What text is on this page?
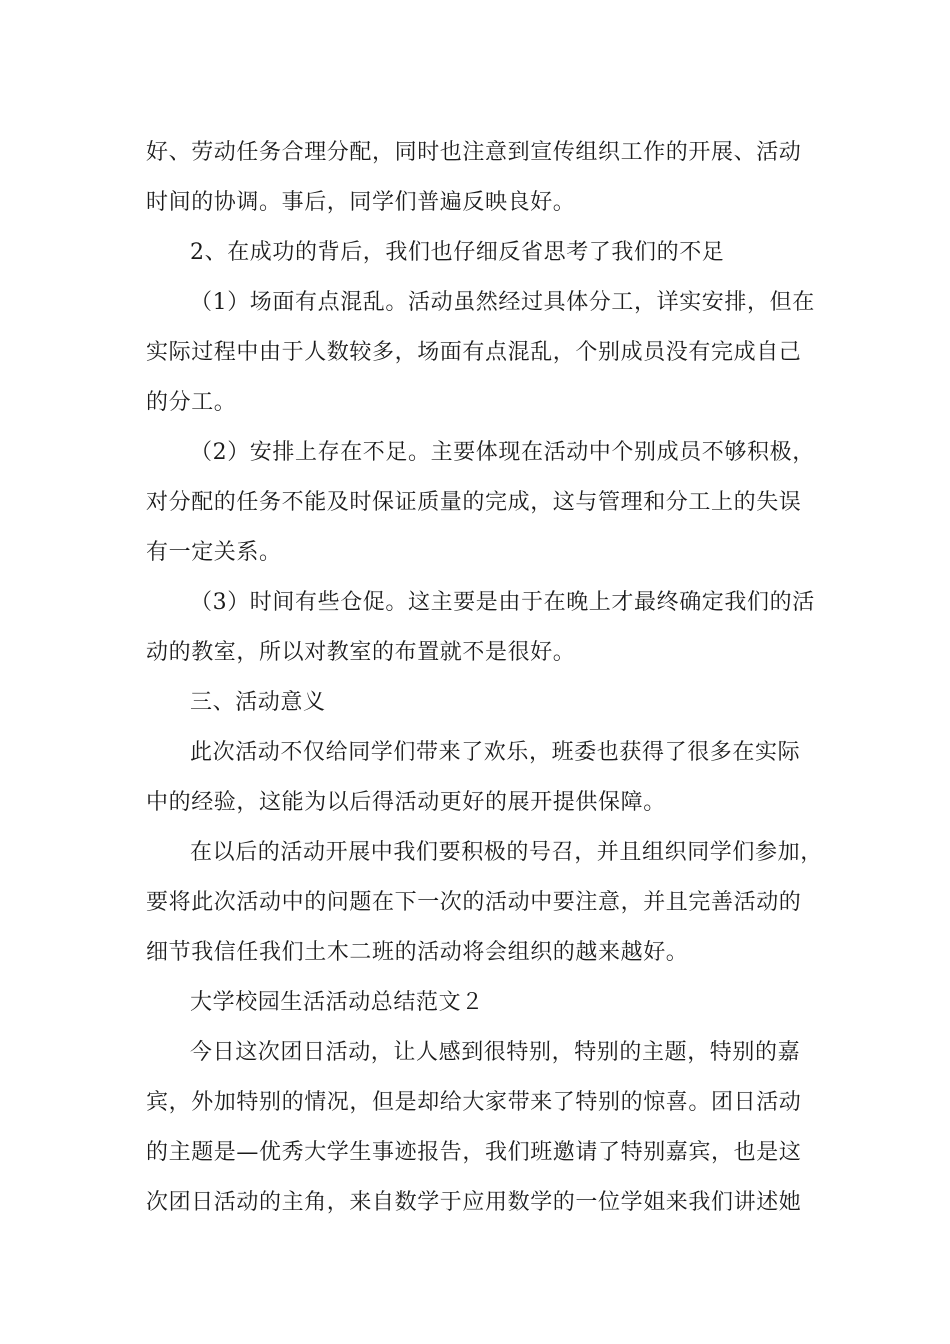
好、劳动任务合理分配，同时也注意到宣传组织工作的开展、活动
时间的协调。事后，同学们普遍反映良好。
2、在成功的背后，我们也仔细反省思考了我们的不足
（1）场面有点混乱。活动虽然经过具体分工，详实安排，但在
实际过程中由于人数较多，场面有点混乱，个别成员没有完成自己
的分工。
（2）安排上存在不足。主要体现在活动中个别成员不够积极，
对分配的任务不能及时保证质量的完成，这与管理和分工上的失误
有一定关系。
（3）时间有些仓促。这主要是由于在晚上才最终确定我们的活
动的教室，所以对教室的布置就不是很好。
三、活动意义
此次活动不仅给同学们带来了欢乐，班委也获得了很多在实际
中的经验，这能为以后得活动更好的展开提供保障。
在以后的活动开展中我们要积极的号召，并且组织同学们参加，
要将此次活动中的问题在下一次的活动中要注意，并且完善活动的
细节我信任我们土木二班的活动将会组织的越来越好。
大学校园生活活动总结范文２
今日这次团日活动，让人感到很特别，特别的主题，特别的嘉
宾，外加特别的情况，但是却给大家带来了特别的惊喜。团日活动
的主题是—优秀大学生事迹报告，我们班邀请了特别嘉宾，也是这
次团日活动的主角，来自数学于应用数学的一位学姐来我们讲述她
